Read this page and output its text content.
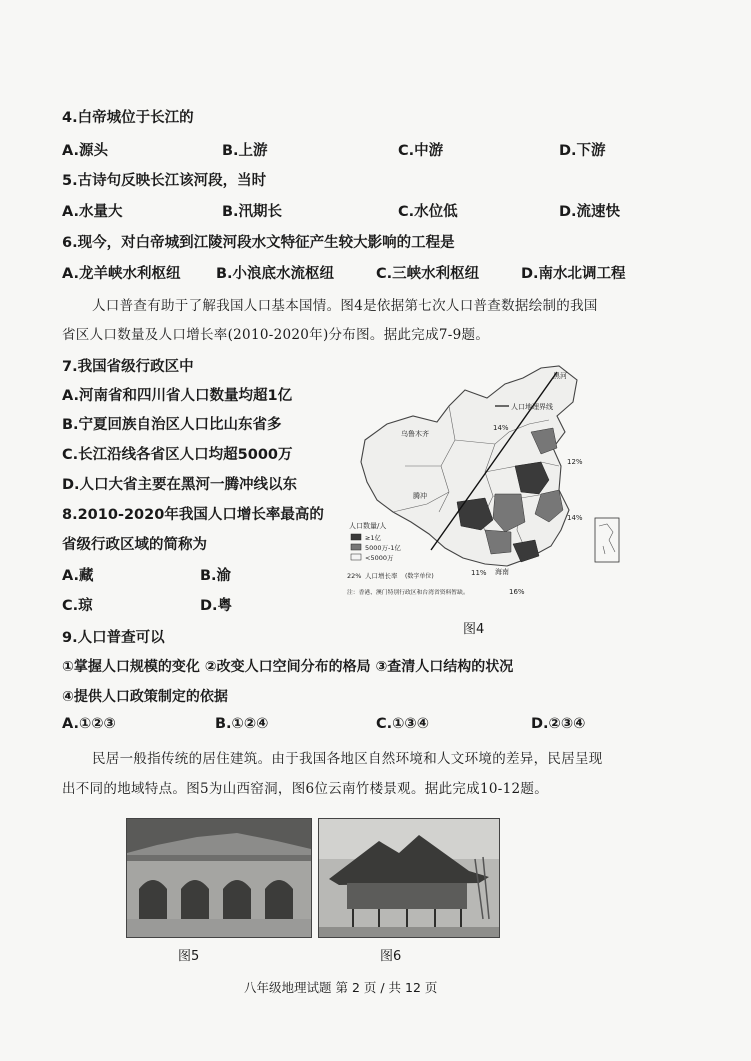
4.白帝城位于长江的
A.源头	B.上游	C.中游	D.下游
5.古诗句反映长江该河段，当时
A.水量大	B.汛期长	C.水位低	D.流速快
6.现今，对白帝城到江陵河段水文特征产生较大影响的工程是
A.龙羊峡水利枢纽 B.小浪底水流枢纽	C.三峡水利枢纽	D.南水北调工程
人口普查有助于了解我国人口基本国情。图4是依据第七次人口普查数据绘制的我国
省区人口数量及人口增长率(2010-2020年)分布图。据此完成7-9题。
7.我国省级行政区中
A.河南省和四川省人口数量均超1亿
B.宁夏回族自治区人口比山东省多
C.长江沿线各省区人口均超5000万
D.人口大省主要在黑河一腾冲线以东
8.2010-2020年我国人口增长率最高的
省级行政区域的简称为
A.藏	B.渝
C.琼	D.粤
人口地理界线
黑河
乌鲁木齐
腾冲
海南
14%
12%
14%
11%
16%
人口数量/人
≥1亿
5000万-1亿
<5000万
22% 人口增长率 (数字单位)
注：香港、澳门特别行政区和台湾省资料暂缺。
图4
9.人口普查可以
①掌握人口规模的变化 ②改变人口空间分布的格局 ③查清人口结构的状况
④提供人口政策制定的依据
A.①②③	B.①②④	C.①③④	D.②③④
民居一般指传统的居住建筑。由于我国各地区自然环境和人文环境的差异，民居呈现
出不同的地域特点。图5为山西窑洞，图6位云南竹楼景观。据此完成10-12题。
图5	图6
八年级地理试题 第 2 页 / 共 12 页
